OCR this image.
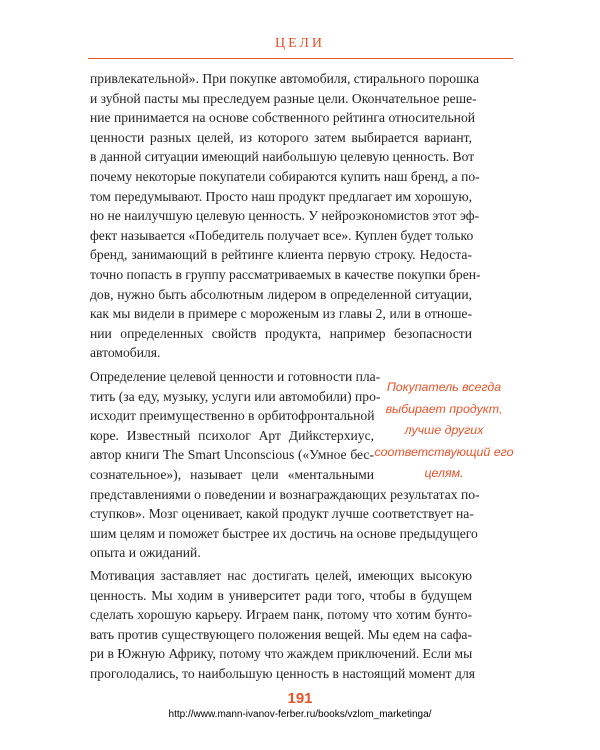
ЦЕЛИ
привлекательной». При покупке автомобиля, стирального порошка
и зубной пасты мы преследуем разные цели. Окончательное реше-
ние принимается на основе собственного рейтинга относительной
ценности разных целей, из которого затем выбирается вариант,
в данной ситуации имеющий наибольшую целевую ценность. Вот
почему некоторые покупатели собираются купить наш бренд, а по-
том передумывают. Просто наш продукт предлагает им хорошую,
но не наилучшую целевую ценность. У нейроэкономистов этот эф-
фект называется «Победитель получает все». Куплен будет только
бренд, занимающий в рейтинге клиента первую строку. Недоста-
точно попасть в группу рассматриваемых в качестве покупки брен-
дов, нужно быть абсолютным лидером в определенной ситуации,
как мы видели в примере с мороженым из главы 2, или в отноше-
нии определенных свойств продукта, например безопасности
автомобиля.
Определение целевой ценности и готовности пла-
тить (за еду, музыку, услуги или автомобили) про-
исходит преимущественно в орбитофронтальной
коре. Известный психолог Арт Дийкстерхиус,
автор книги The Smart Unconscious («Умное бес-
сознательное»), называет цели «ментальными
представлениями о поведении и вознаграждающих результатах по-
ступков». Мозг оценивает, какой продукт лучше соответствует на-
шим целям и поможет быстрее их достичь на основе предыдущего
опыта и ожиданий.
Покупатель всегда
выбирает продукт,
лучше других
соответствующий его
целям.
Мотивация заставляет нас достигать целей, имеющих высокую
ценность. Мы ходим в университет ради того, чтобы в будущем
сделать хорошую карьеру. Играем панк, потому что хотим бунто-
вать против существующего положения вещей. Мы едем на сафа-
ри в Южную Африку, потому что жаждем приключений. Если мы
проголодались, то наибольшую ценность в настоящий момент для
191
http://www.mann-ivanov-ferber.ru/books/vzlom_marketinga/
